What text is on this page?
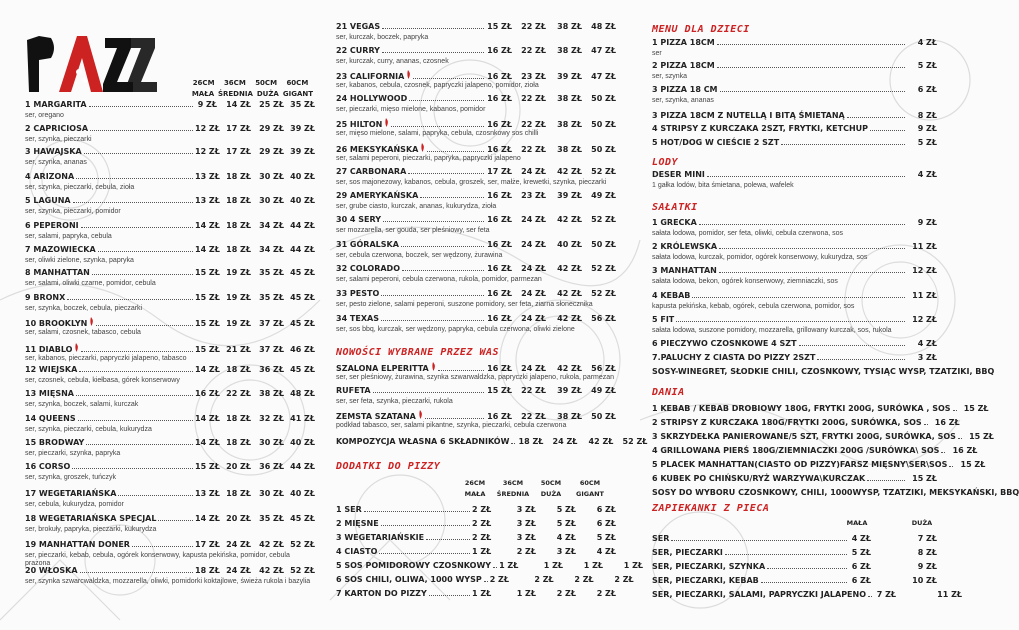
26CM	36CM	50CM	60CM
MAŁA ŚREDNIA DUŻA GIGANT
1 MARGARITA	9 ZŁ	14 ZŁ	25 ZŁ 35 ZŁ
ser, oregano
2 CAPRICIOSA	12 ZŁ 17 ZŁ	29 ZŁ 39 ZŁ
ser, szynka, pieczarki
3 HAWAJSKA	12 ZŁ 17 ZŁ	29 ZŁ 39 ZŁ
ser, szynka, ananas
4 ARIZONA	13 ZŁ 18 ZŁ	30 ZŁ 40 ZŁ
ser, szynka, pieczarki, cebula, zioła
5 LAGUNA	13 ZŁ 18 ZŁ	30 ZŁ 40 ZŁ
ser, szynka, pieczarki, pomidor
6 PEPERONI	14 ZŁ 18 ZŁ	34 ZŁ 44 ZŁ
ser, salami, papryka, cebula
7 MAZOWIECKA	14 ZŁ 18 ZŁ	34 ZŁ 44 ZŁ
ser, oliwki zielone, szynka, papryka
8 MANHATTAN	15 ZŁ 19 ZŁ	35 ZŁ 45 ZŁ
ser, salami, oliwki czarne, pomidor, cebula
9 BRONX	15 ZŁ 19 ZŁ	35 ZŁ 45 ZŁ
ser, szynka, boczek, cebula, pieczarki
10 BROOKLYN	15 ZŁ 19 ZŁ	37 ZŁ 45 ZŁ
ser, salami, czosnek, tabasco, cebula
11 DIABLO	15 ZŁ 21 ZŁ	37 ZŁ 46 ZŁ
ser, kabanos, pieczarki, papryczki jalapeno, tabasco
12 WIEJSKA	14 ZŁ 18 ZŁ	36 ZŁ 45 ZŁ
ser, czosnek, cebula, kiełbasa, górek konserwowy
13 MIĘSNA	16 ZŁ 22 ZŁ	38 ZŁ 48 ZŁ
ser, szynka, boczek, salami, kurczak
14 QUEENS	14 ZŁ 18 ZŁ	32 ZŁ 41 ZŁ
ser, szynka, pieczarki, cebula, kukurydza
15 BRODWAY	14 ZŁ 18 ZŁ	30 ZŁ 40 ZŁ
ser, pieczarki, szynka, papryka
16 CORSO	15 ZŁ 20 ZŁ	36 ZŁ 44 ZŁ
ser, szynka, groszek, tuńczyk
17 WEGETARIAŃSKA	13 ZŁ 18 ZŁ	30 ZŁ 40 ZŁ
ser, cebula, kukurydza, pomidor
18 WEGETARIAŃSKA SPECJAL	14 ZŁ 20 ZŁ	35 ZŁ 45 ZŁ
ser, brokuły, papryka, pieczarki, kukurydza
19 MANHATTAN DONER	17 ZŁ 24 ZŁ	42 ZŁ 52 ZŁ
ser, pieczarki, kebab, cebula, ogórek konserwowy, kapusta pekińska, pomidor, cebula prażona
20 WŁOSKA	18 ZŁ 24 ZŁ	42 ZŁ 52 ZŁ
ser, szynka szwarcwaldzka, mozzarella, oliwki, pomidorki koktajlowe, świeża rukola i bazylia
21 VEGAS	15 ZŁ	22 ZŁ	38 ZŁ	48 ZŁ
ser, kurczak, boczek, papryka
22 CURRY	16 ZŁ	22 ZŁ	38 ZŁ	47 ZŁ
ser, kurczak, curry, ananas, czosnek
23 CALIFORNIA	16 ZŁ	23 ZŁ	39 ZŁ	47 ZŁ
ser, kabanos, cebula, czosnek, papryczki jalapeno, pomidor, zioła
24 HOLLYWOOD	16 ZŁ	22 ZŁ	38 ZŁ	50 ZŁ
ser, pieczarki, mięso mielone, kabanos, pomidor
25 HILTON	16 ZŁ	22 ZŁ	38 ZŁ	50 ZŁ
ser, mięso mielone, salami, papryka, cebula, czosnkowy sos chilli
26 MEKSYKAŃSKA	16 ZŁ	22 ZŁ	38 ZŁ	50 ZŁ
ser, salami peperoni, pieczarki, papryka, papryczki jalapeno
27 CARBONARA	17 ZŁ	24 ZŁ	42 ZŁ	52 ZŁ
ser, sos majonezowy, kabanos, cebula, groszek, ser, małże, krewetki, szynka, pieczarki
29 AMERYKAŃSKA	16 ZŁ	23 ZŁ	39 ZŁ	49 ZŁ
ser, grube ciasto, kurczak, ananas, kukurydza, zioła
30 4 SERY	16 ZŁ	24 ZŁ	42 ZŁ	52 ZŁ
ser mozzarella, ser gouda, ser pleśniowy, ser feta
31 GÓRALSKA	16 ZŁ	24 ZŁ	40 ZŁ	50 ZŁ
ser, cebula czerwona, boczek, ser wędzony, żurawina
32 COLORADO	16 ZŁ	24 ZŁ	42 ZŁ	52 ZŁ
ser, salami peperoni, cebula czerwona, rukola, pomidor, parmezan
33 PESTO	16 ZŁ	24 ZŁ	42 ZŁ	52 ZŁ
ser, pesto zielone, salami peperoni, suszone pomidory, ser feta, ziarna słonecznika
34 TEXAS	16 ZŁ	24 ZŁ	42 ZŁ	56 ZŁ
ser, sos bbq, kurczak, ser wędzony, papryka, cebula czerwona, oliwki zielone
SZALONA ELPERITTA	16 ZŁ	24 ZŁ	42 ZŁ	56 ZŁ
ser, ser pleśniowy, żurawina, szynka szwarwaldzka, papryczki jalapeno, rukola, parmezan
RUFETA	15 ZŁ	22 ZŁ	39 ZŁ	49 ZŁ
ser, ser feta, szynka, pieczarki, rukola
ZEMSTA SZATANA	16 ZŁ	22 ZŁ	38 ZŁ	50 ZŁ
podkład tabasco, ser, salami pikantne, szynka, pieczarki, cebula czerwona
KOMPOZYCJA WŁASNA 6 SKŁADNIKÓW 18 ZŁ	24 ZŁ	42 ZŁ	52 ZŁ
26CM	36CM	50CM	60CM
MAŁA	ŚREDNIA	DUŻA	GIGANT
1 SER	2 ZŁ	3 ZŁ	5 ZŁ	6 ZŁ
2 MIĘSNE	2 ZŁ	3 ZŁ	5 ZŁ	6 ZŁ
3 WEGETARIAŃSKIE	2 ZŁ	3 ZŁ	4 ZŁ	5 ZŁ
4 CIASTO	1 ZŁ	2 ZŁ	3 ZŁ	4 ZŁ
5 SOS POMIDOROWY CZOSNKOWY 1 ZŁ	1 ZŁ	1 ZŁ	1 ZŁ
6 SOS CHILI, OLIWA, 1000 WYSP 2 ZŁ	2 ZŁ	2 ZŁ	2 ZŁ
7 KARTON DO PIZZY	1 ZŁ	1 ZŁ	2 ZŁ	2 ZŁ
1 PIZZA 18CM	4 ZŁ
ser
2 PIZZA 18CM	5 ZŁ
ser, szynka
3 PIZZA 18 CM	6 ZŁ
ser, szynka, ananas
3 PIZZA 18CM Z NUTELLĄ I BITĄ ŚMIETANĄ	8 ZŁ
4 STRIPSY Z KURCZAKA 2SZT, FRYTKI, KETCHUP	9 ZŁ
5 HOT/DOG W CIEŚCIE 2 SZT	5 ZŁ
DESER MINI	4 ZŁ
1 gałka lodów, bita śmietana, polewa, wafelek
1 GRECKA	9 ZŁ
sałata lodowa, pomidor, ser feta, oliwki, cebula czerwona, sos
2 KRÓLEWSKA	11 ZŁ
sałata lodowa, kurczak, pomidor, ogórek konserwowy, kukurydza, sos
3 MANHATTAN	12 ZŁ
sałata lodowa, bekon, ogórek konserwowy, ziemniaczki, sos
4 KEBAB	11 ZŁ
kapusta pekińska, kebab, ogórek, cebula czerwona, pomidor, sos
5 FIT	12 ZŁ
sałata lodowa, suszone pomidory, mozzarella, grillowany kurczak, sos, rukola
6 PIECZYWO CZOSNKOWE 4 SZT	4 ZŁ
7.PALUCHY Z CIASTA DO PIZZY 2SZT	3 ZŁ
SOSY-WINEGRET, SŁODKIE CHILI, CZOSNKOWY, TYSIĄC WYSP, TZATZIKI, BBQ
1 KEBAB / KEBAB DROBIOWY 180G, FRYTKI 200G, SURÓWKA , SOS	15 ZŁ
2 STRIPSY Z KURCZAKA 180G/FRYTKI 200G, SURÓWKA, SOS	16 ZŁ
3 SKRZYDEŁKA PANIEROWANE/5 SZT, FRYTKI 200G, SURÓWKA, SOS	15 ZŁ
4 GRILLOWANA PIERŚ 180G/ZIEMNIACZKI 200G /SURÓWKA\ SOS	16 ZŁ
5 PLACEK MANHATTAN(CIASTO OD PIZZY)FARSZ MIĘSNY\SER\SOS	15 ZŁ
6 KUBEK PO CHIŃSKU/RYŻ WARZYWA\KURCZAK	15 ZŁ
SOSY DO WYBORU CZOSNKOWY, CHILI, 1000WYSP, TZATZIKI, MEKSYKAŃSKI, BBQ
MAŁA	DUŻA
SER	4 ZŁ	7 ZŁ
SER, PIECZARKI	5 ZŁ	8 ZŁ
SER, PIECZARKI, SZYNKA	6 ZŁ	9 ZŁ
SER, PIECZARKI, KEBAB	6 ZŁ	10 ZŁ
SER, PIECZARKI, SALAMI, PAPRYCZKI JALAPENO	7 ZŁ	11 ZŁ
NOWOŚCI WYBRANE PRZEZ WAS
DODATKI DO PIZZY
MENU DLA DZIECI
LODY
SAŁATKI
DANIA
ZAPIEKANKI Z PIECA
